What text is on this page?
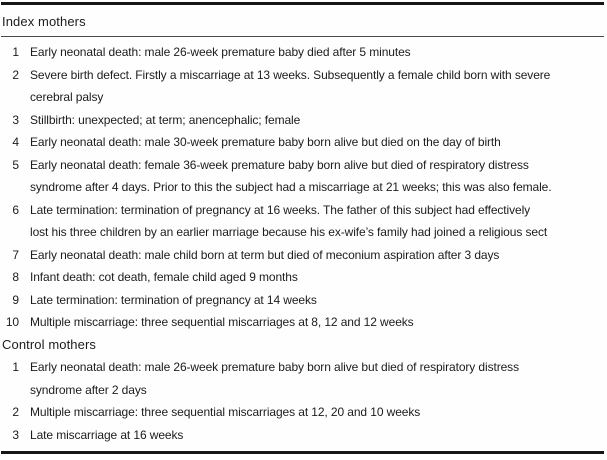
Index mothers
1 Early neonatal death: male 26-week premature baby died after 5 minutes
2 Severe birth defect. Firstly a miscarriage at 13 weeks. Subsequently a female child born with severe
cerebral palsy
3 Stillbirth: unexpected; at term; anencephalic; female
4 Early neonatal death: male 30-week premature baby born alive but died on the day of birth
5 Early neonatal death: female 36-week premature baby born alive but died of respiratory distress
syndrome after 4 days. Prior to this the subject had a miscarriage at 21 weeks; this was also female.
6 Late termination: termination of pregnancy at 16 weeks. The father of this subject had effectively
lost his three children by an earlier marriage because his ex-wife’s family had joined a religious sect
7 Early neonatal death: male child born at term but died of meconium aspiration after 3 days
8 Infant death: cot death, female child aged 9 months
9 Late termination: termination of pregnancy at 14 weeks
10 Multiple miscarriage: three sequential miscarriages at 8, 12 and 12 weeks
Control mothers
1 Early neonatal death: male 26-week premature baby born alive but died of respiratory distress
syndrome after 2 days
2 Multiple miscarriage: three sequential miscarriages at 12, 20 and 10 weeks
3 Late miscarriage at 16 weeks
